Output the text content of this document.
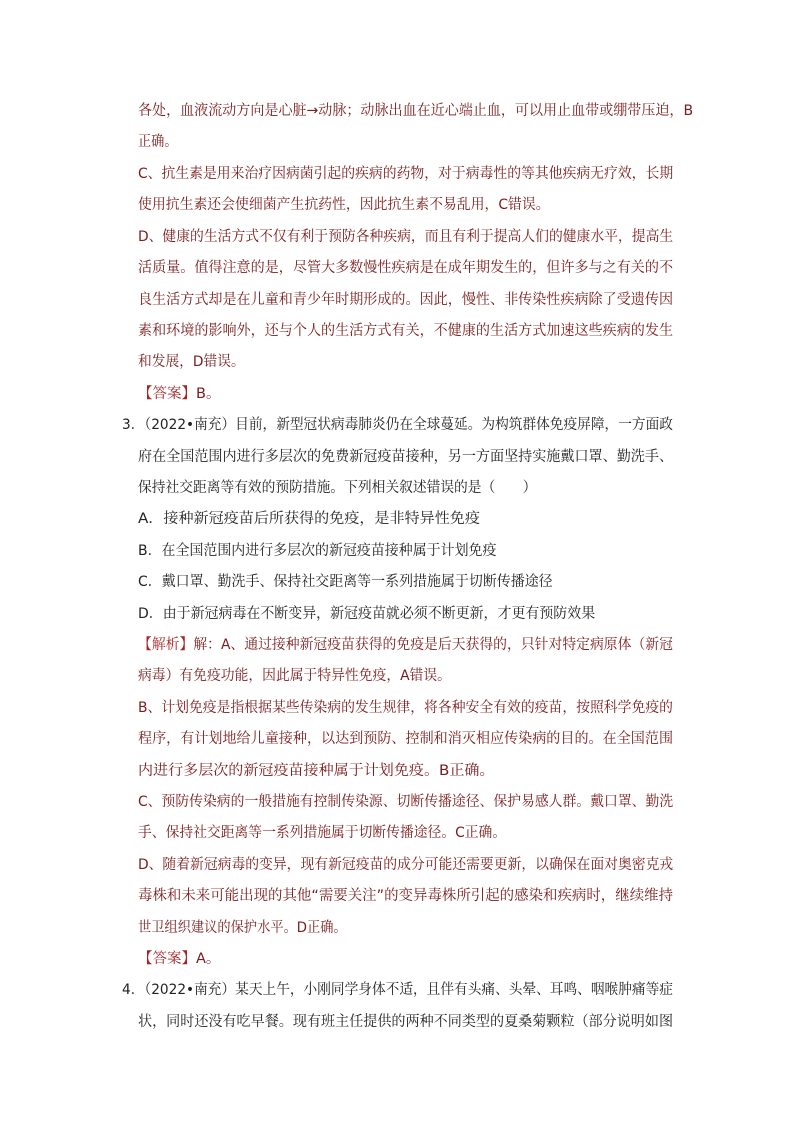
各处，血液流动方向是心脏→动脉；动脉出血在近心端止血，可以用止血带或绷带压迫，B
正确。
C、抗生素是用来治疗因病菌引起的疾病的药物，对于病毒性的等其他疾病无疗效，长期
使用抗生素还会使细菌产生抗药性，因此抗生素不易乱用，C错误。
D、健康的生活方式不仅有利于预防各种疾病，而且有利于提高人们的健康水平，提高生
活质量。值得注意的是，尽管大多数慢性疾病是在成年期发生的，但许多与之有关的不
良生活方式却是在儿童和青少年时期形成的。因此，慢性、非传染性疾病除了受遗传因
素和环境的影响外，还与个人的生活方式有关，不健康的生活方式加速这些疾病的发生
和发展，D错误。
【答案】B。
3．（2022•南充）目前，新型冠状病毒肺炎仍在全球蔓延。为构筑群体免疫屏障，一方面政
府在全国范围内进行多层次的免费新冠疫苗接种，另一方面坚持实施戴口罩、勤洗手、
保持社交距离等有效的预防措施。下列相关叙述错误的是（　　）
A．接种新冠疫苗后所获得的免疫，是非特异性免疫
B．在全国范围内进行多层次的新冠疫苗接种属于计划免疫
C．戴口罩、勤洗手、保持社交距离等一系列措施属于切断传播途径
D．由于新冠病毒在不断变异，新冠疫苗就必须不断更新，才更有预防效果
【解析】解：A、通过接种新冠疫苗获得的免疫是后天获得的，只针对特定病原体（新冠
病毒）有免疫功能，因此属于特异性免疫，A错误。
B、计划免疫是指根据某些传染病的发生规律，将各种安全有效的疫苗，按照科学免疫的
程序，有计划地给儿童接种，以达到预防、控制和消灭相应传染病的目的。在全国范围
内进行多层次的新冠疫苗接种属于计划免疫。B正确。
C、预防传染病的一般措施有控制传染源、切断传播途径、保护易感人群。戴口罩、勤洗
手、保持社交距离等一系列措施属于切断传播途径。C正确。
D、随着新冠病毒的变异，现有新冠疫苗的成分可能还需要更新，以确保在面对奥密克戎
毒株和未来可能出现的其他“需要关注”的变异毒株所引起的感染和疾病时，继续维持
世卫组织建议的保护水平。D正确。
【答案】A。
4．（2022•南充）某天上午，小刚同学身体不适，且伴有头痛、头晕、耳鸣、咽喉肿痛等症
状，同时还没有吃早餐。现有班主任提供的两种不同类型的夏桑菊颗粒（部分说明如图
